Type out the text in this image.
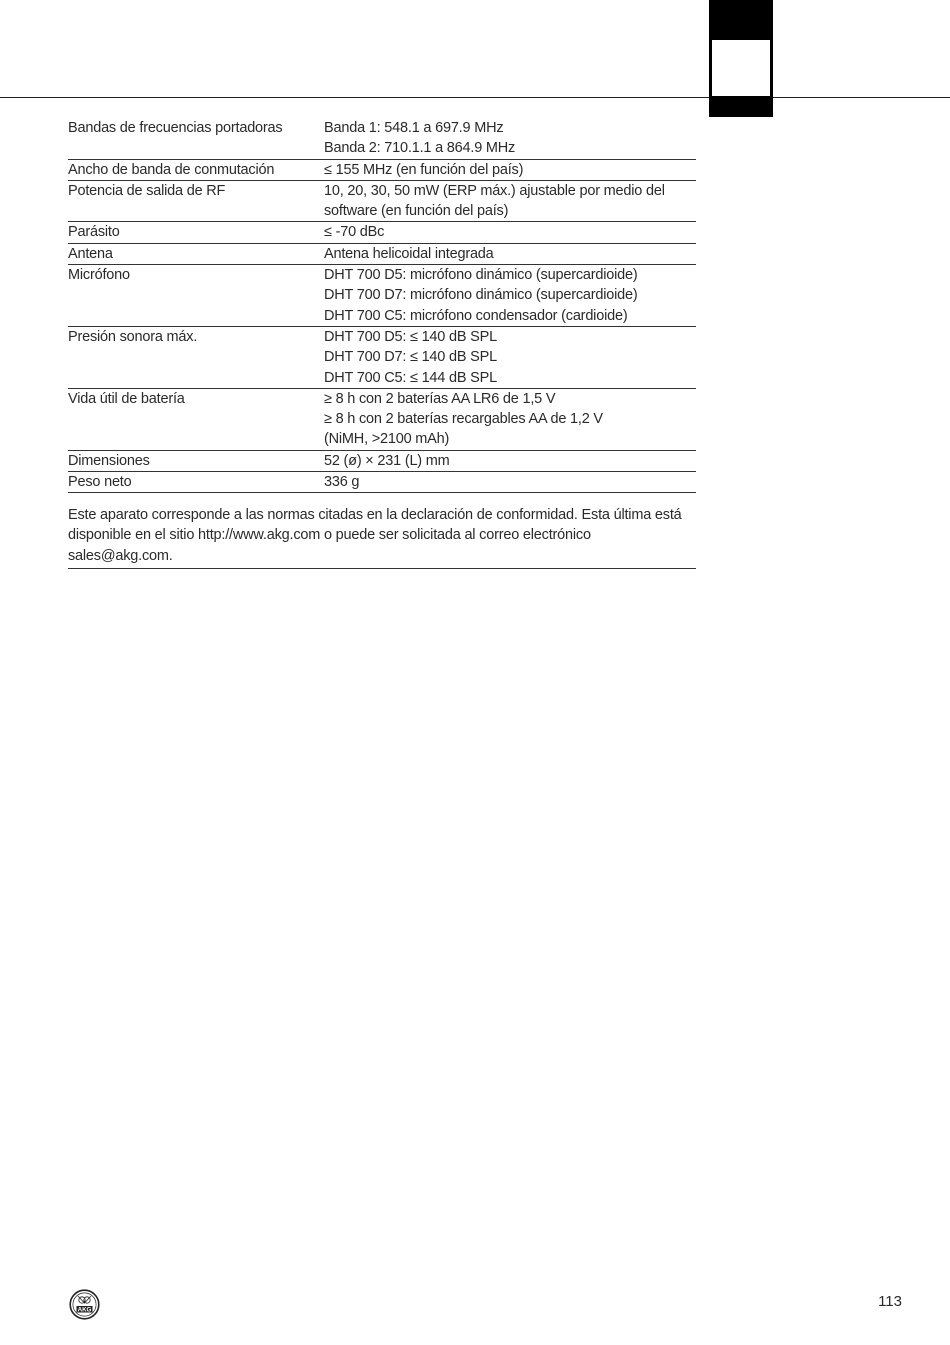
Bandas de frecuencias portadoras	Banda 1: 548.1 a 697.9 MHz
Banda 2: 710.1.1 a 864.9 MHz

Ancho de banda de conmutación	≤ 155 MHz (en función del país)

Potencia de salida de RF	10, 20, 30, 50 mW (ERP máx.) ajustable por medio del
software (en función del país)

Parásito	≤ -70 dBc

Antena	Antena helicoidal integrada

Micrófono	DHT 700 D5: micrófono dinámico (supercardioide)
DHT 700 D7: micrófono dinámico (supercardioide)
DHT 700 C5: micrófono condensador (cardioide)

Presión sonora máx.	DHT 700 D5: ≤ 140 dB SPL
DHT 700 D7: ≤ 140 dB SPL
DHT 700 C5: ≤ 144 dB SPL

Vida útil de batería	≥ 8 h con 2 baterías AA LR6 de 1,5 V
≥ 8 h con 2 baterías recargables AA de 1,2 V
(NiMH, >2100 mAh)

Dimensiones	52 (ø) × 231 (L) mm

Peso neto	336 g
Este aparato corresponde a las normas citadas en la declaración de conformidad. Esta última está
disponible en el sitio http://www.akg.com o puede ser solicitada al correo electrónico
sales@akg.com.
AKG
113
